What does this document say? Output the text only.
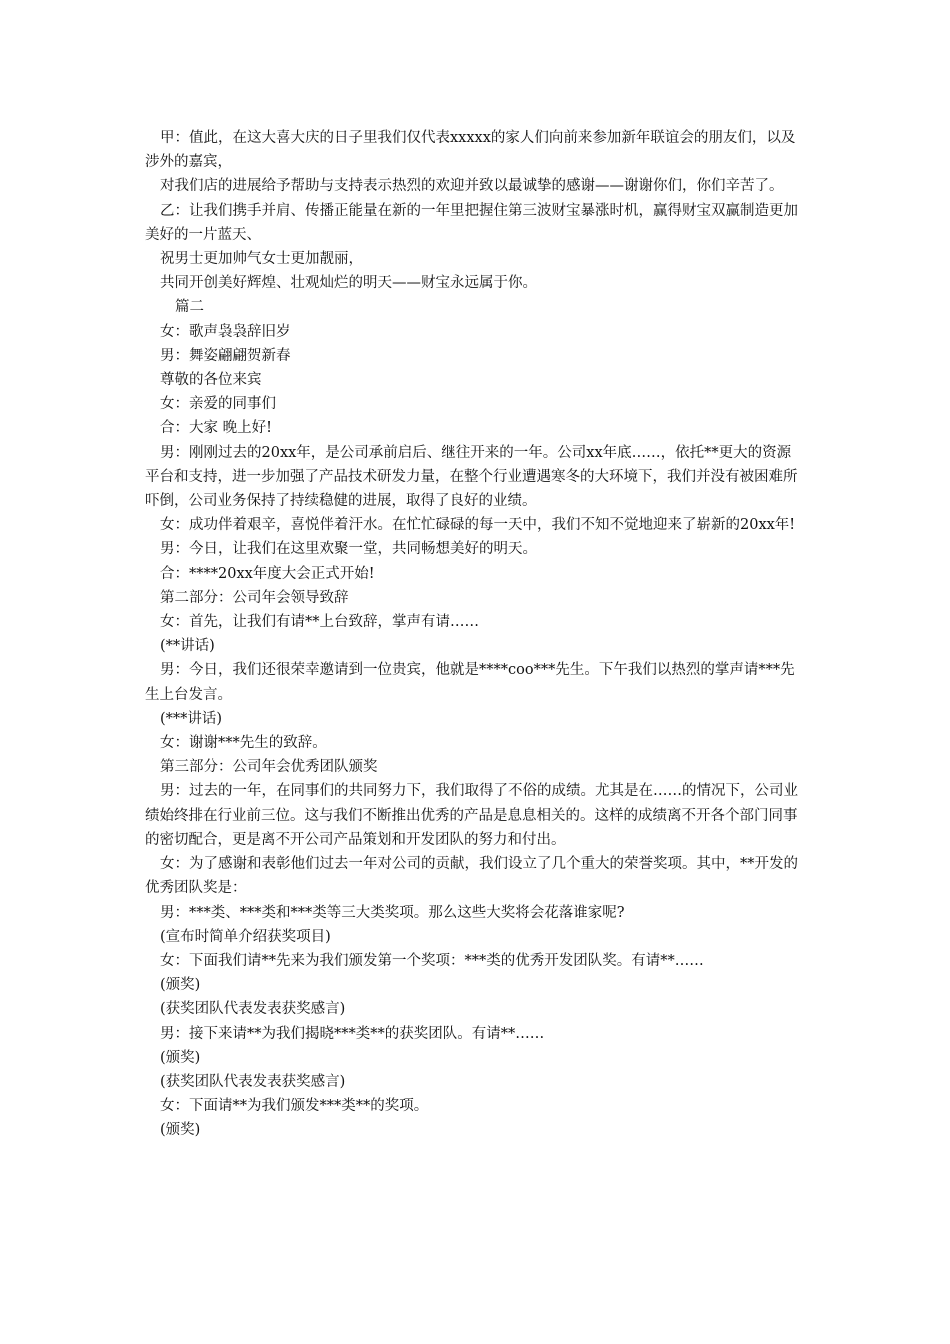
甲：值此，在这大喜大庆的日子里我们仅代表xxxxx的家人们向前来参加新年联谊会的朋友们，以及涉外的嘉宾，

对我们店的进展给予帮助与支持表示热烈的欢迎并致以最诚挚的感谢——谢谢你们，你们辛苦了。

乙：让我们携手并肩、传播正能量在新的一年里把握住第三波财宝暴涨时机，赢得财宝双赢制造更加美好的一片蓝天、

祝男士更加帅气女士更加靓丽，

共同开创美好辉煌、壮观灿烂的明天——财宝永远属于你。

篇二

女：歌声袅袅辞旧岁

男：舞姿翩翩贺新春

尊敬的各位来宾

女：亲爱的同事们

合：大家 晚上好!

男：刚刚过去的20xx年，是公司承前启后、继往开来的一年。公司xx年底……，依托**更大的资源平台和支持，进一步加强了产品技术研发力量，在整个行业遭遇寒冬的大环境下，我们并没有被困难所吓倒，公司业务保持了持续稳健的进展，取得了良好的业绩。

女：成功伴着艰辛，喜悦伴着汗水。在忙忙碌碌的每一天中，我们不知不觉地迎来了崭新的20xx年!

男：今日，让我们在这里欢聚一堂，共同畅想美好的明天。

合：****20xx年度大会正式开始!

第二部分：公司年会领导致辞

女：首先，让我们有请**上台致辞，掌声有请……

(**讲话)

男：今日，我们还很荣幸邀请到一位贵宾，他就是****coo***先生。下午我们以热烈的掌声请***先生上台发言。

(***讲话)

女：谢谢***先生的致辞。

第三部分：公司年会优秀团队颁奖

男：过去的一年，在同事们的共同努力下，我们取得了不俗的成绩。尤其是在……的情况下，公司业绩始终排在行业前三位。这与我们不断推出优秀的产品是息息相关的。这样的成绩离不开各个部门同事的密切配合，更是离不开公司产品策划和开发团队的努力和付出。

女：为了感谢和表彰他们过去一年对公司的贡献，我们设立了几个重大的荣誉奖项。其中，**开发的优秀团队奖是：

男：***类、***类和***类等三大类奖项。那么这些大奖将会花落谁家呢?

(宣布时简单介绍获奖项目)

女：下面我们请**先来为我们颁发第一个奖项：***类的优秀开发团队奖。有请**……

(颁奖)

(获奖团队代表发表获奖感言)

男：接下来请**为我们揭晓***类**的获奖团队。有请**……

(颁奖)

(获奖团队代表发表获奖感言)

女：下面请**为我们颁发***类**的奖项。

(颁奖)
